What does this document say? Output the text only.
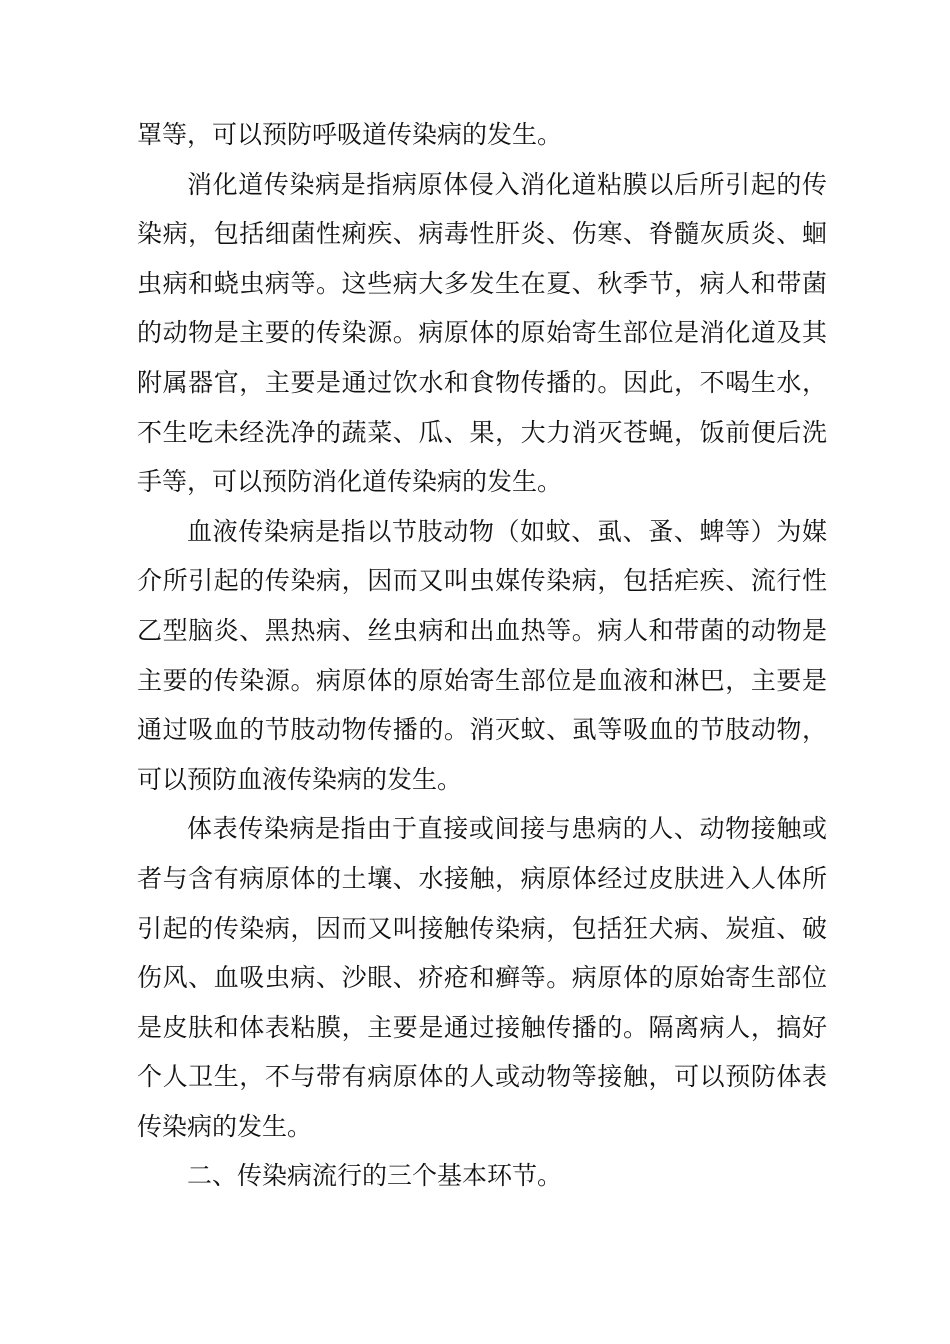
罩等，可以预防呼吸道传染病的发生。

消化道传染病是指病原体侵入消化道粘膜以后所引起的传染病，包括细菌性痢疾、病毒性肝炎、伤寒、脊髓灰质炎、蛔虫病和蛲虫病等。这些病大多发生在夏、秋季节，病人和带菌的动物是主要的传染源。病原体的原始寄生部位是消化道及其附属器官，主要是通过饮水和食物传播的。因此，不喝生水，不生吃未经洗净的蔬菜、瓜、果，大力消灭苍蝇，饭前便后洗手等，可以预防消化道传染病的发生。

血液传染病是指以节肢动物（如蚊、虱、蚤、蜱等）为媒介所引起的传染病，因而又叫虫媒传染病，包括疟疾、流行性乙型脑炎、黑热病、丝虫病和出血热等。病人和带菌的动物是主要的传染源。病原体的原始寄生部位是血液和淋巴，主要是通过吸血的节肢动物传播的。消灭蚊、虱等吸血的节肢动物，可以预防血液传染病的发生。

体表传染病是指由于直接或间接与患病的人、动物接触或者与含有病原体的土壤、水接触，病原体经过皮肤进入人体所引起的传染病，因而又叫接触传染病，包括狂犬病、炭疽、破伤风、血吸虫病、沙眼、疥疮和癣等。病原体的原始寄生部位是皮肤和体表粘膜，主要是通过接触传播的。隔离病人，搞好个人卫生，不与带有病原体的人或动物等接触，可以预防体表传染病的发生。

二、传染病流行的三个基本环节。
